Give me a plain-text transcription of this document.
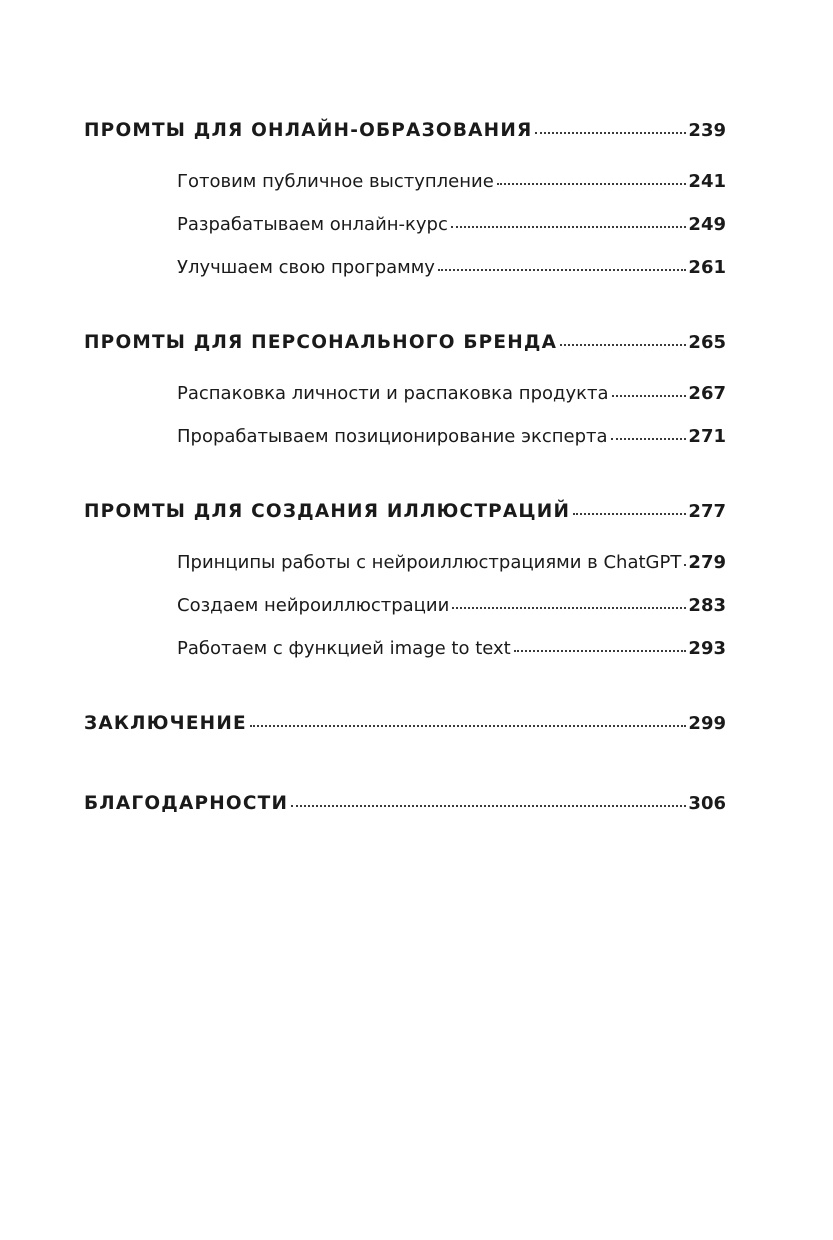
ПРОМТЫ ДЛЯ ОНЛАЙН-ОБРАЗОВАНИЯ	239
Готовим публичное выступление	241
Разрабатываем онлайн-курс	249
Улучшаем свою программу	261
ПРОМТЫ ДЛЯ ПЕРСОНАЛЬНОГО БРЕНДА	265
Распаковка личности и распаковка продукта	267
Прорабатываем позиционирование эксперта	271
ПРОМТЫ ДЛЯ СОЗДАНИЯ ИЛЛЮСТРАЦИЙ	277
Принципы работы с нейроиллюстрациями в ChatGPT 279
Создаем нейроиллюстрации	283
Работаем с функцией image to text	293
ЗАКЛЮЧЕНИЕ	299
БЛАГОДАРНОСТИ	306
